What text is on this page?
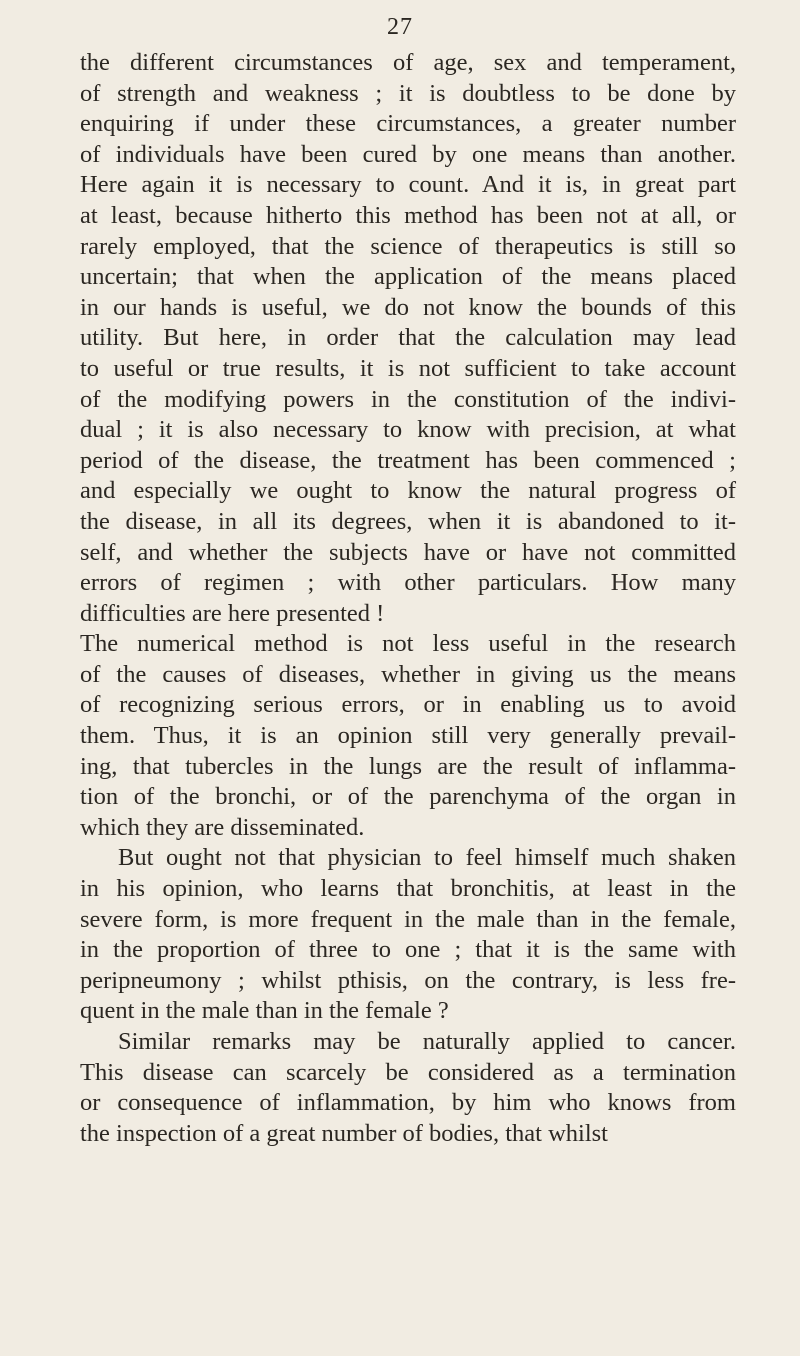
27
the different circumstances of age, sex and temperament,
of strength and weakness ; it is doubtless to be done by
enquiring if under these circumstances, a greater number
of individuals have been cured by one means than another.
Here again it is necessary to count. And it is, in great part
at least, because hitherto this method has been not at all, or
rarely employed, that the science of therapeutics is still so
uncertain; that when the application of the means placed
in our hands is useful, we do not know the bounds of this
utility. But here, in order that the calculation may lead
to useful or true results, it is not sufficient to take account
of the modifying powers in the constitution of the indivi-
dual ; it is also necessary to know with precision, at what
period of the disease, the treatment has been commenced ;
and especially we ought to know the natural progress of
the disease, in all its degrees, when it is abandoned to it-
self, and whether the subjects have or have not committed
errors of regimen ; with other particulars. How many
difficulties are here presented !
The numerical method is not less useful in the research
of the causes of diseases, whether in giving us the means
of recognizing serious errors, or in enabling us to avoid
them. Thus, it is an opinion still very generally prevail-
ing, that tubercles in the lungs are the result of inflamma-
tion of the bronchi, or of the parenchyma of the organ in
which they are disseminated.
But ought not that physician to feel himself much shaken
in his opinion, who learns that bronchitis, at least in the
severe form, is more frequent in the male than in the female,
in the proportion of three to one ; that it is the same with
peripneumony ; whilst pthisis, on the contrary, is less fre-
quent in the male than in the female ?
Similar remarks may be naturally applied to cancer.
This disease can scarcely be considered as a termination
or consequence of inflammation, by him who knows from
the inspection of a great number of bodies, that whilst
